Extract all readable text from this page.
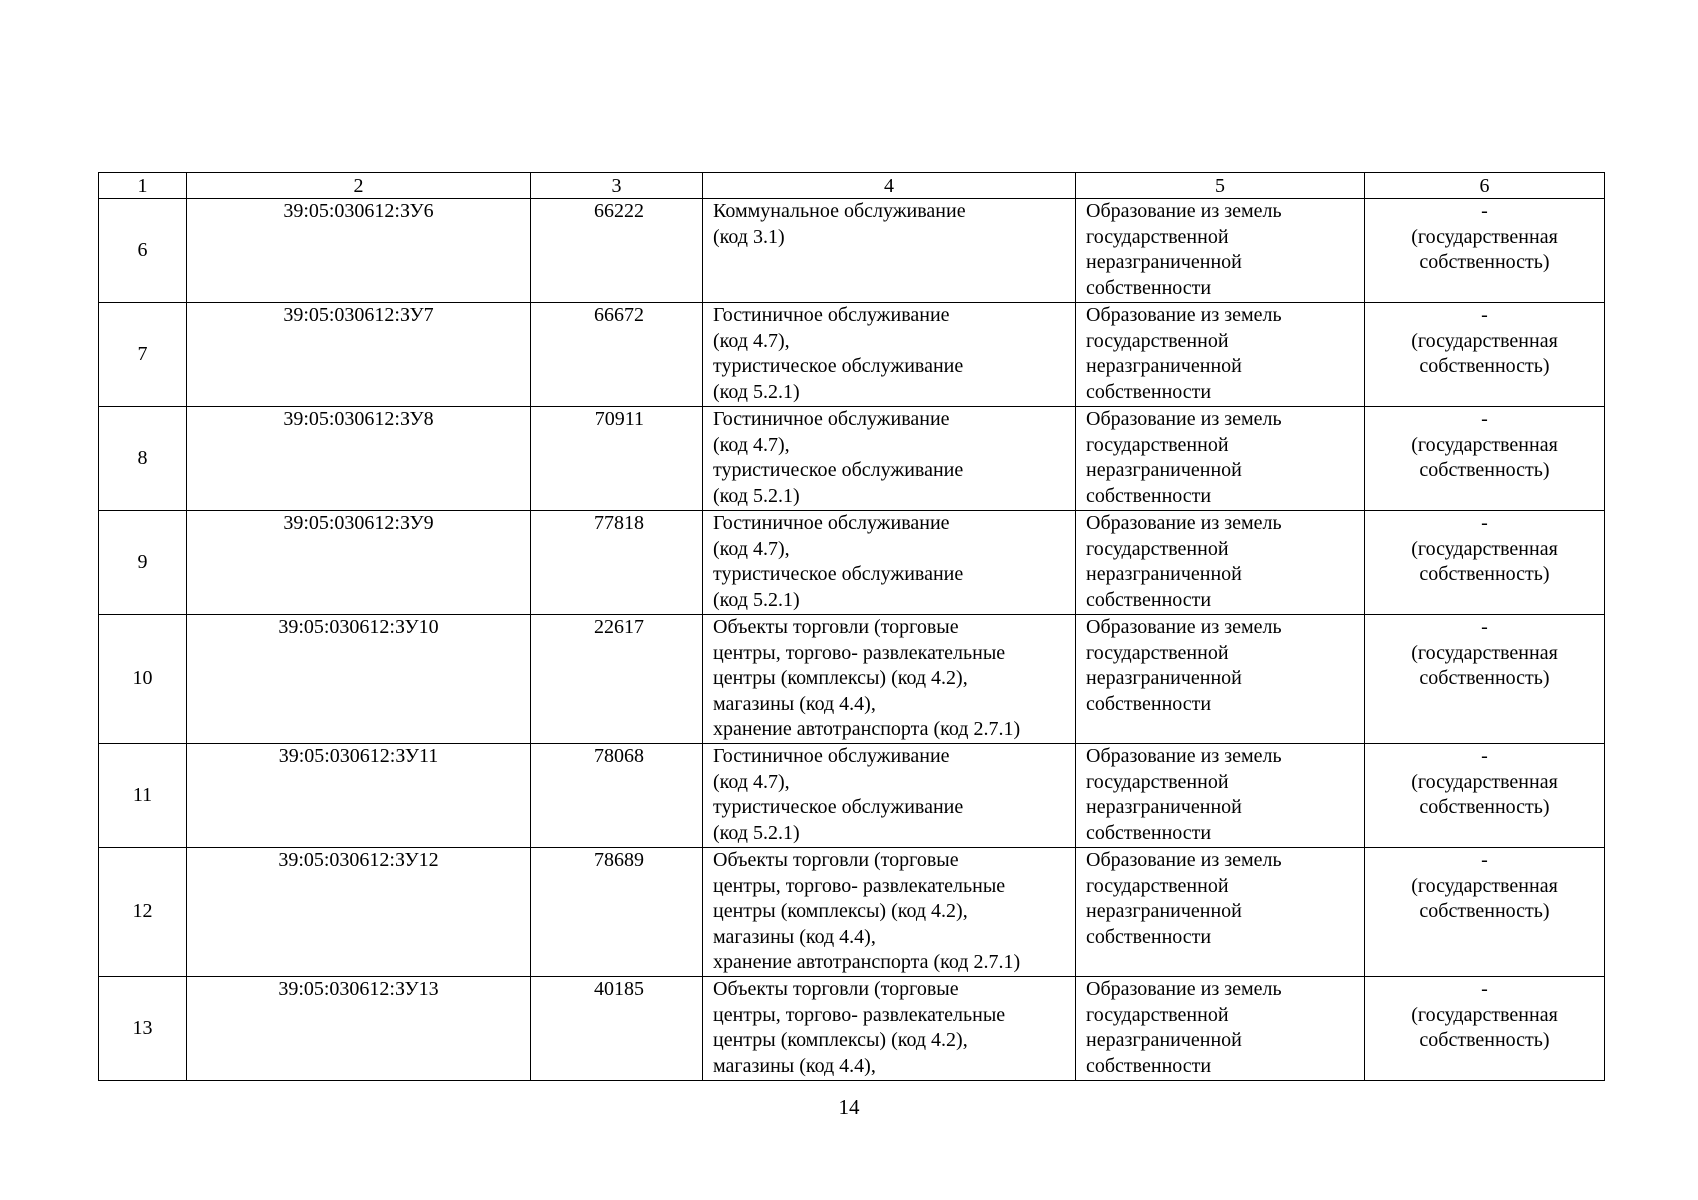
1	2	3	4	5	6
6	39:05:030612:ЗУ6	66222	Коммунальное обслуживание
(код 3.1)	Образование из земель
государственной
неразграниченной
собственности	-
(государственная
собственность)

7	39:05:030612:ЗУ7	66672	Гостиничное обслуживание
(код 4.7),
туристическое обслуживание
(код 5.2.1)	Образование из земель
государственной
неразграниченной
собственности	-
(государственная
собственность)

8	39:05:030612:ЗУ8	70911	Гостиничное обслуживание
(код 4.7),
туристическое обслуживание
(код 5.2.1)	Образование из земель
государственной
неразграниченной
собственности	-
(государственная
собственность)

9	39:05:030612:ЗУ9	77818	Гостиничное обслуживание
(код 4.7),
туристическое обслуживание
(код 5.2.1)	Образование из земель
государственной
неразграниченной
собственности	-
(государственная
собственность)

10	39:05:030612:ЗУ10	22617	Объекты торговли (торговые
центры, торгово- развлекательные
центры (комплексы) (код 4.2),
магазины (код 4.4),
хранение автотранспорта (код 2.7.1)	Образование из земель
государственной
неразграниченной
собственности	-
(государственная
собственность)

11	39:05:030612:ЗУ11	78068	Гостиничное обслуживание
(код 4.7),
туристическое обслуживание
(код 5.2.1)	Образование из земель
государственной
неразграниченной
собственности	-
(государственная
собственность)

12	39:05:030612:ЗУ12	78689	Объекты торговли (торговые
центры, торгово- развлекательные
центры (комплексы) (код 4.2),
магазины (код 4.4),
хранение автотранспорта (код 2.7.1)	Образование из земель
государственной
неразграниченной
собственности	-
(государственная
собственность)

13	39:05:030612:ЗУ13	40185	Объекты торговли (торговые
центры, торгово- развлекательные
центры (комплексы) (код 4.2),
магазины (код 4.4),	Образование из земель
государственной
неразграниченной
собственности	-
(государственная
собственность)
14
